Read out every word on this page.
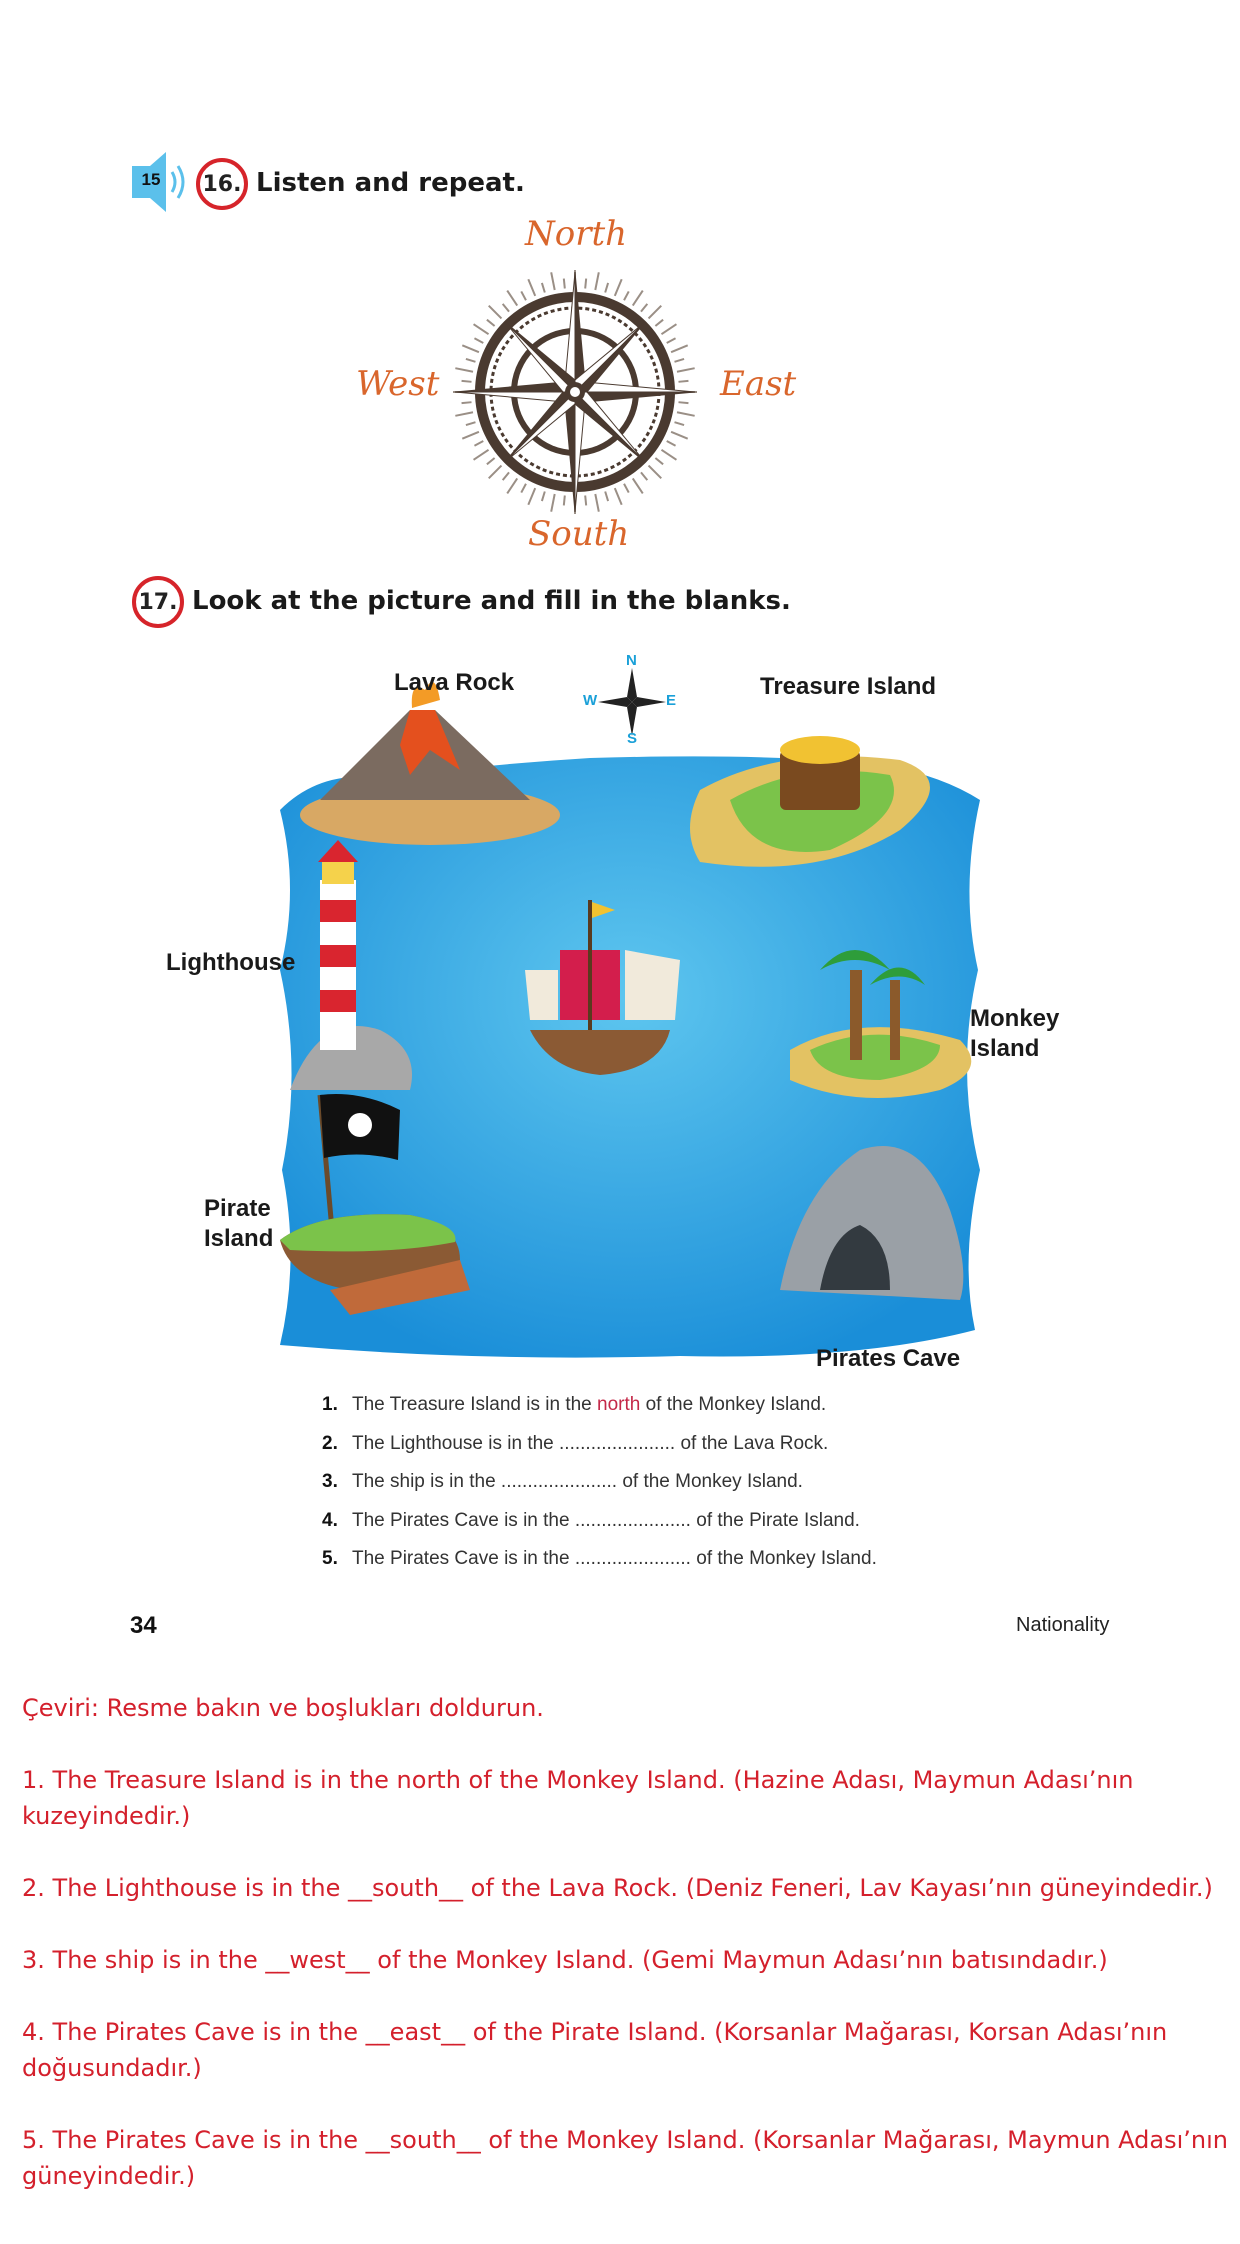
15 16. Listen and repeat.
North
South
West	East
17. Look at the picture and fill in the blanks.
N
S
E
W
Lava Rock	Treasure Island
Lighthouse
Monkey
Island
Pirate
Island
Pirates Cave
1. The Treasure Island is in the north of the Monkey Island.
2. The Lighthouse is in the ...................... of the Lava Rock.
3. The ship is in the ...................... of the Monkey Island.
4. The Pirates Cave is in the ...................... of the Pirate Island.
5. The Pirates Cave is in the ...................... of the Monkey Island.
34	Nationality

Çeviri: Resme bakın ve boşlukları doldurun.

1. The Treasure Island is in the north of the Monkey Island. (Hazine Adası, Maymun Adası’nın kuzeyindedir.)

2. The Lighthouse is in the __south__ of the Lava Rock. (Deniz Feneri, Lav Kayası’nın güneyindedir.)

3. The ship is in the __west__ of the Monkey Island. (Gemi Maymun Adası’nın batısındadır.)

4. The Pirates Cave is in the __east__ of the Pirate Island. (Korsanlar Mağarası, Korsan Adası’nın doğusundadır.)

5. The Pirates Cave is in the __south__ of the Monkey Island. (Korsanlar Mağarası, Maymun Adası’nın güneyindedir.)
